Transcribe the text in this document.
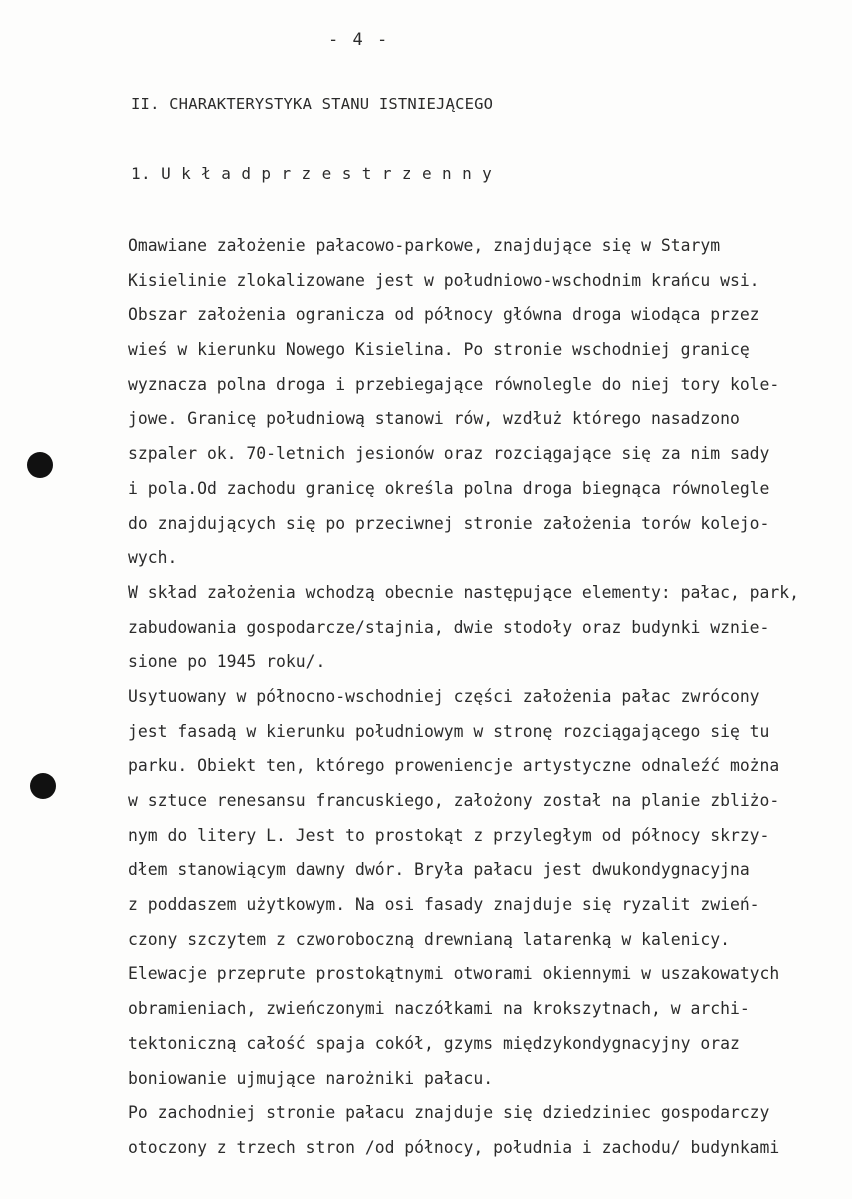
- 4 -
II. CHARAKTERYSTYKA STANU ISTNIEJĄCEGO
1. U k ł a d p r z e s t r z e n n y
Omawiane założenie pałacowo-parkowe, znajdujące się w Starym
Kisielinie zlokalizowane jest w południowo-wschodnim krańcu wsi.
Obszar założenia ogranicza od północy główna droga wiodąca przez
wieś w kierunku Nowego Kisielina. Po stronie wschodniej granicę
wyznacza polna droga i przebiegające równolegle do niej tory kole-
jowe. Granicę południową stanowi rów, wzdłuż którego nasadzono
szpaler ok. 70-letnich jesionów oraz rozciągające się za nim sady
i pola.Od zachodu granicę określa polna droga biegnąca równolegle
do znajdujących się po przeciwnej stronie założenia torów kolejo-
wych.
W skład założenia wchodzą obecnie następujące elementy: pałac, park,
zabudowania gospodarcze/stajnia, dwie stodoły oraz budynki wznie-
sione po 1945 roku/.
Usytuowany w północno-wschodniej części założenia pałac zwrócony
jest fasadą w kierunku południowym w stronę rozciągającego się tu
parku. Obiekt ten, którego proweniencje artystyczne odnaleźć można
w sztuce renesansu francuskiego, założony został na planie zbliżo-
nym do litery L. Jest to prostokąt z przyległym od północy skrzy-
dłem stanowiącym dawny dwór. Bryła pałacu jest dwukondygnacyjna
z poddaszem użytkowym. Na osi fasady znajduje się ryzalit zwień-
czony szczytem z czworoboczną drewnianą latarenką w kalenicy.
Elewacje przeprute prostokątnymi otworami okiennymi w uszakowatych
obramieniach, zwieńczonymi naczółkami na krokszytnach, w archi-
tektoniczną całość spaja cokół, gzyms międzykondygnacyjny oraz
boniowanie ujmujące narożniki pałacu.
Po zachodniej stronie pałacu znajduje się dziedziniec gospodarczy
otoczony z trzech stron /od północy, południa i zachodu/ budynkami
